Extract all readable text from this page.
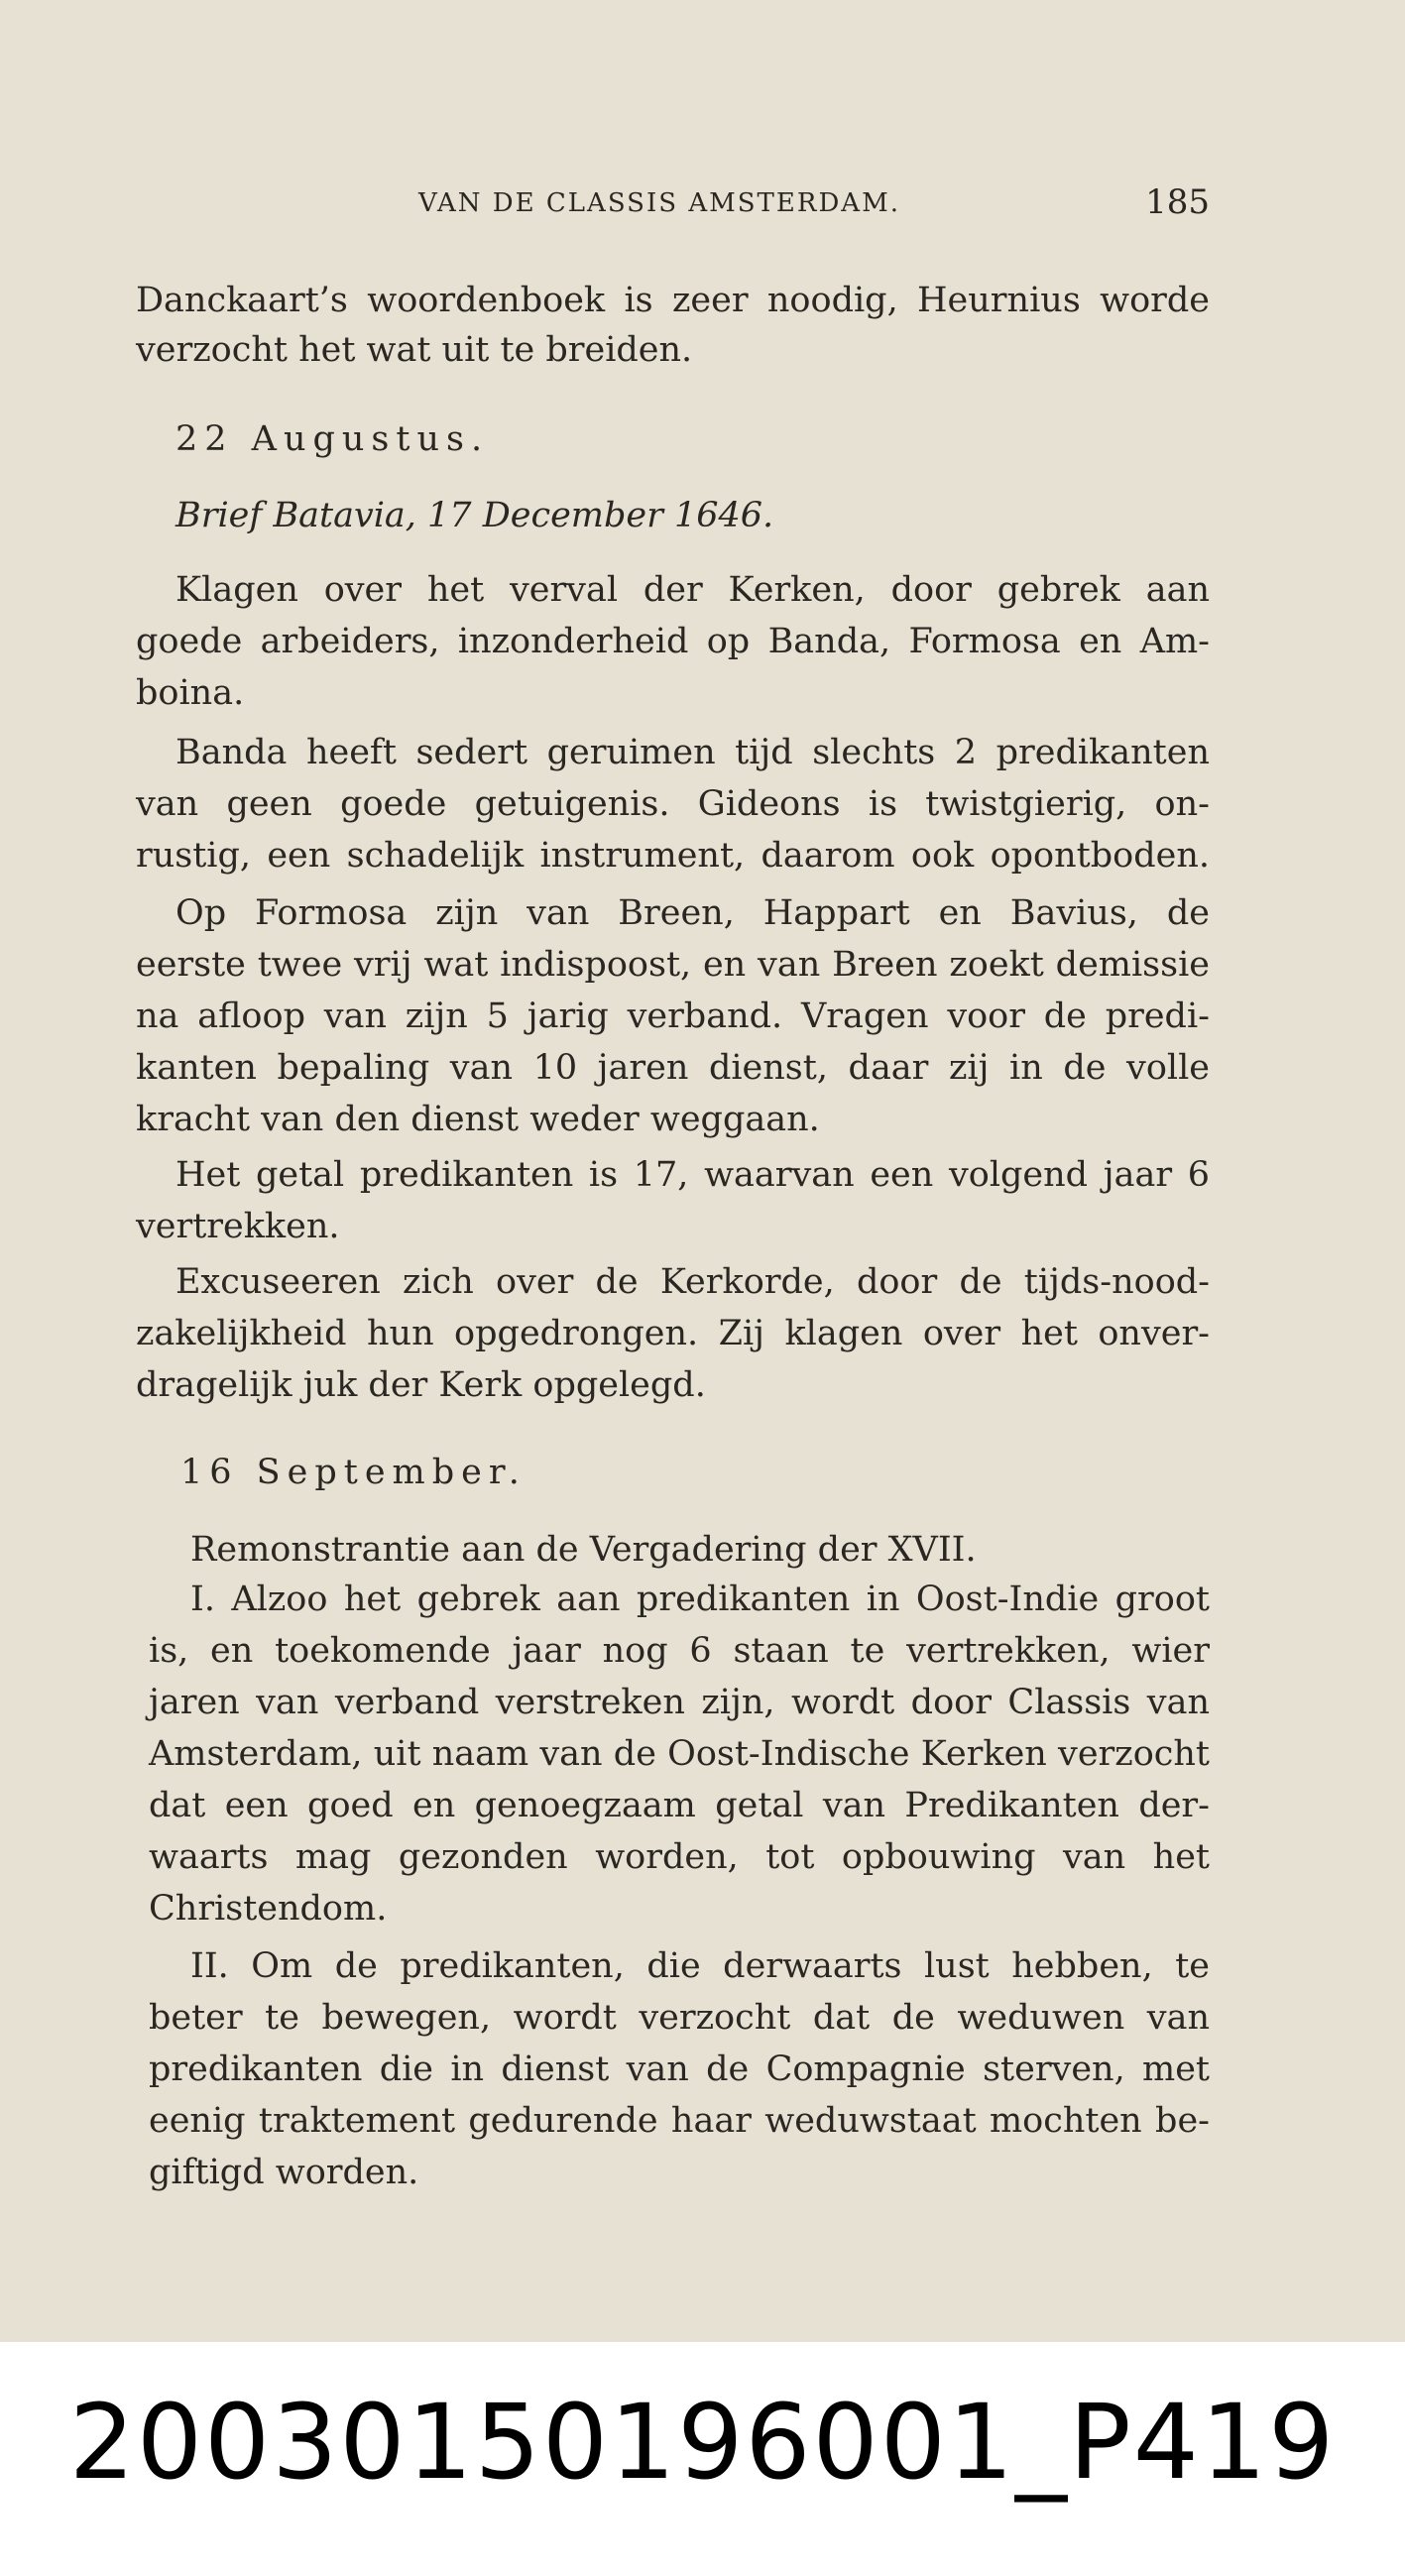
VAN DE CLASSIS AMSTERDAM.	185
Danckaart’s woordenboek is zeer noodig, Heurnius worde
verzocht het wat uit te breiden.
22 Augustus.
Brief Batavia, 17 December 1646.
Klagen over het verval der Kerken, door gebrek aan
goede arbeiders, inzonderheid op Banda, Formosa en Am-
boina.
Banda heeft sedert geruimen tijd slechts 2 predikanten
van geen goede getuigenis. Gideons is twistgierig, on-
rustig, een schadelijk instrument, daarom ook opontboden.
Op Formosa zijn van Breen, Happart en Bavius, de
eerste twee vrij wat indispoost, en van Breen zoekt demissie
na afloop van zijn 5 jarig verband. Vragen voor de predi-
kanten bepaling van 10 jaren dienst, daar zij in de volle
kracht van den dienst weder weggaan.
Het getal predikanten is 17, waarvan een volgend jaar 6
vertrekken.
Excuseeren zich over de Kerkorde, door de tijds-nood-
zakelijkheid hun opgedrongen. Zij klagen over het onver-
dragelijk juk der Kerk opgelegd.
16 September.
Remonstrantie aan de Vergadering der XVII.
I. Alzoo het gebrek aan predikanten in Oost-Indie groot
is, en toekomende jaar nog 6 staan te vertrekken, wier
jaren van verband verstreken zijn, wordt door Classis van
Amsterdam, uit naam van de Oost-Indische Kerken verzocht
dat een goed en genoegzaam getal van Predikanten der-
waarts mag gezonden worden, tot opbouwing van het
Christendom.
II. Om de predikanten, die derwaarts lust hebben, te
beter te bewegen, wordt verzocht dat de weduwen van
predikanten die in dienst van de Compagnie sterven, met
eenig traktement gedurende haar weduwstaat mochten be-
giftigd worden.
20030150196001_P419
